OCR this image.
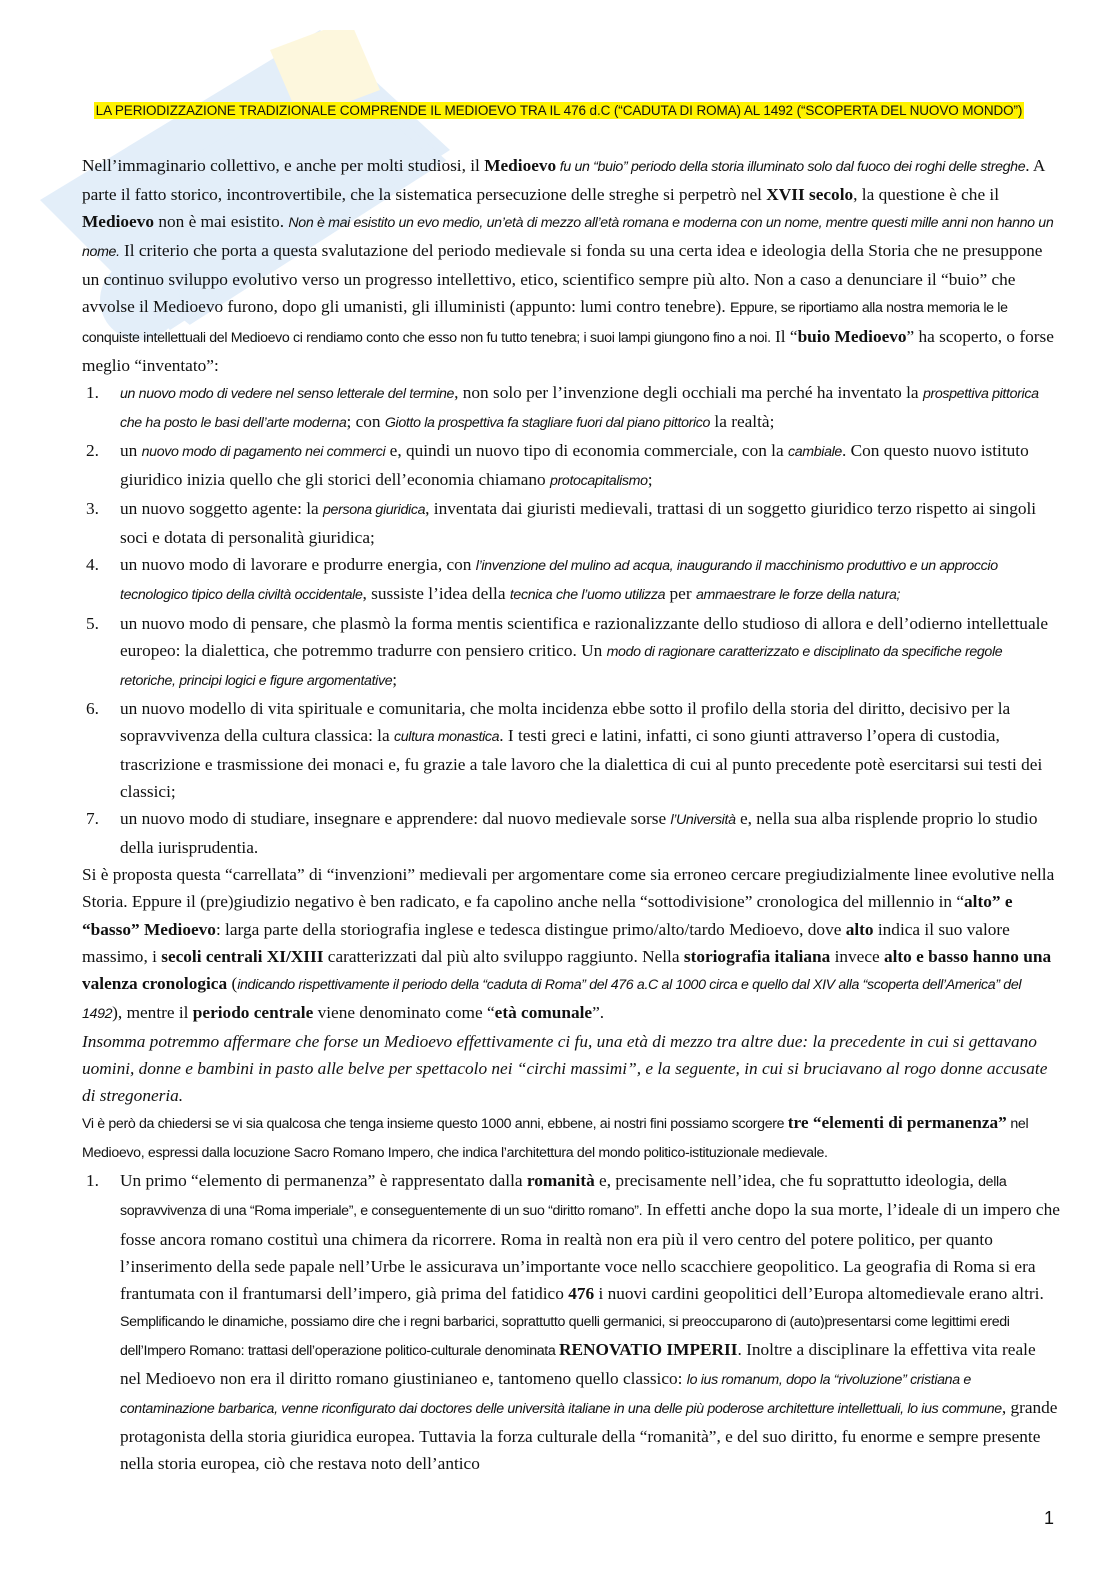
LA PERIODIZZAZIONE TRADIZIONALE COMPRENDE IL MEDIOEVO TRA IL 476 d.C (“CADUTA DI ROMA) AL 1492 (“SCOPERTA DEL NUOVO MONDO”)

Nell’immaginario collettivo, e anche per molti studiosi, il Medioevo fu un “buio” periodo della storia illuminato solo dal fuoco dei roghi delle streghe. A parte il fatto storico, incontrovertibile, che la sistematica persecuzione delle streghe si perpetrò nel XVII secolo, la questione è che il Medioevo non è mai esistito. Non è mai esistito un evo medio, un’età di mezzo all’età romana e moderna con un nome, mentre questi mille anni non hanno un nome. Il criterio che porta a questa svalutazione del periodo medievale si fonda su una certa idea e ideologia della Storia che ne presuppone un continuo sviluppo evolutivo verso un progresso intellettivo, etico, scientifico sempre più alto. Non a caso a denunciare il “buio” che avvolse il Medioevo furono, dopo gli umanisti, gli illuministi (appunto: lumi contro tenebre). Eppure, se riportiamo alla nostra memoria le le conquiste intellettuali del Medioevo ci rendiamo conto che esso non fu tutto tenebra; i suoi lampi giungono fino a noi. Il “buio Medioevo” ha scoperto, o forse meglio “inventato”:

1.	un nuovo modo di vedere nel senso letterale del termine, non solo per l’invenzione degli occhiali ma perché ha inventato la prospettiva pittorica che ha posto le basi dell’arte moderna; con Giotto la prospettiva fa stagliare fuori dal piano pittorico la realtà;
2.	un nuovo modo di pagamento nei commerci e, quindi un nuovo tipo di economia commerciale, con la cambiale. Con questo nuovo istituto giuridico inizia quello che gli storici dell’economia chiamano protocapitalismo;
3.	un nuovo soggetto agente: la persona giuridica, inventata dai giuristi medievali, trattasi di un soggetto giuridico terzo rispetto ai singoli soci e dotata di personalità giuridica;
4.	un nuovo modo di lavorare e produrre energia, con l’invenzione del mulino ad acqua, inaugurando il macchinismo produttivo e un approccio tecnologico tipico della civiltà occidentale, sussiste l’idea della tecnica che l’uomo utilizza per ammaestrare le forze della natura;
5.	un nuovo modo di pensare, che plasmò la forma mentis scientifica e razionalizzante dello studioso di allora e dell’odierno intellettuale europeo: la dialettica, che potremmo tradurre con pensiero critico. Un modo di ragionare caratterizzato e disciplinato da specifiche regole retoriche, principi logici e figure argomentative;
6.	un nuovo modello di vita spirituale e comunitaria, che molta incidenza ebbe sotto il profilo della storia del diritto, decisivo per la sopravvivenza della cultura classica: la cultura monastica. I testi greci e latini, infatti, ci sono giunti attraverso l’opera di custodia, trascrizione e trasmissione dei monaci e, fu grazie a tale lavoro che la dialettica di cui al punto precedente potè esercitarsi sui testi dei classici;
7.	un nuovo modo di studiare, insegnare e apprendere: dal nuovo medievale sorse l’Università e, nella sua alba risplende proprio lo studio della iurisprudentia.

Si è proposta questa “carrellata” di “invenzioni” medievali per argomentare come sia erroneo cercare pregiudizialmente linee evolutive nella Storia. Eppure il (pre)giudizio negativo è ben radicato, e fa capolino anche nella “sottodivisione” cronologica del millennio in “alto” e “basso” Medioevo: larga parte della storiografia inglese e tedesca distingue primo/alto/tardo Medioevo, dove alto indica il suo valore massimo, i secoli centrali XI/XIII caratterizzati dal più alto sviluppo raggiunto. Nella storiografia italiana invece alto e basso hanno una valenza cronologica (indicando rispettivamente il periodo della “caduta di Roma” del 476 a.C al 1000 circa e quello dal XIV alla “scoperta dell’America” del 1492), mentre il periodo centrale viene denominato come “età comunale”.

Insomma potremmo affermare che forse un Medioevo effettivamente ci fu, una età di mezzo tra altre due: la precedente in cui si gettavano uomini, donne e bambini in pasto alle belve per spettacolo nei “circhi massimi”, e la seguente, in cui si bruciavano al rogo donne accusate di stregoneria.

Vi è però da chiedersi se vi sia qualcosa che tenga insieme questo 1000 anni, ebbene, ai nostri fini possiamo scorgere tre “elementi di permanenza” nel Medioevo, espressi dalla locuzione Sacro Romano Impero, che indica l’architettura del mondo politico-istituzionale medievale.

1.	Un primo “elemento di permanenza” è rappresentato dalla romanità e, precisamente nell’idea, che fu soprattutto ideologia, della sopravvivenza di una “Roma imperiale”, e conseguentemente di un suo “diritto romano”. In effetti anche dopo la sua morte, l’ideale di un impero che fosse ancora romano costituì una chimera da ricorrere. Roma in realtà non era più il vero centro del potere politico, per quanto l’inserimento della sede papale nell’Urbe le assicurava un’importante voce nello scacchiere geopolitico. La geografia di Roma si era frantumata con il frantumarsi dell’impero, già prima del fatidico 476 i nuovi cardini geopolitici dell’Europa altomedievale erano altri. Semplificando le dinamiche, possiamo dire che i regni barbarici, soprattutto quelli germanici, si preoccuparono di (auto)presentarsi come legittimi eredi dell’Impero Romano: trattasi dell’operazione politico-culturale denominata RENOVATIO IMPERII. Inoltre a disciplinare la effettiva vita reale nel Medioevo non era il diritto romano giustinianeo e, tantomeno quello classico: lo ius romanum, dopo la “rivoluzione” cristiana e contaminazione barbarica, venne riconfigurato dai doctores delle università italiane in una delle più poderose architetture intellettuali, lo ius commune, grande protagonista della storia giuridica europea. Tuttavia la forza culturale della “romanità”, e del suo diritto, fu enorme e sempre presente nella storia europea, ciò che restava noto dell’antico
1
